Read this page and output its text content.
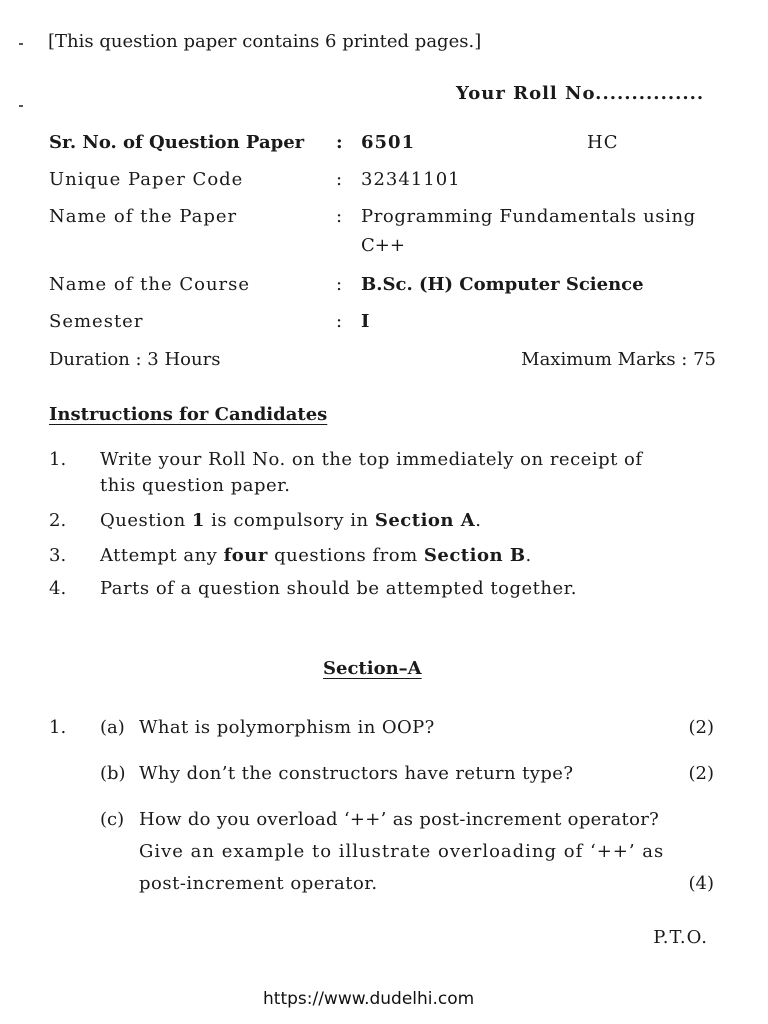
[This question paper contains 6 printed pages.]
Your Roll No...............
Sr. No. of Question Paper : 6501	HC
Unique Paper Code	: 32341101
Name of the Paper	: Programming Fundamentals using
C++
Name of the Course	: B.Sc. (H) Computer Science
Semester	: I
Duration : 3 Hours	Maximum Marks : 75
Instructions for Candidates
1. Write your Roll No. on the top immediately on receipt of
this question paper.
2. Question 1 is compulsory in Section A.
3. Attempt any four questions from Section B.
4. Parts of a question should be attempted together.
Section–A
1. (a) What is polymorphism in OOP?	(2)
(b) Why don’t the constructors have return type?	(2)
(c) How do you overload ‘++’ as post-increment operator?
Give an example to illustrate overloading of ‘++’ as
post-increment operator.	(4)
P.T.O.
https://www.dudelhi.com
